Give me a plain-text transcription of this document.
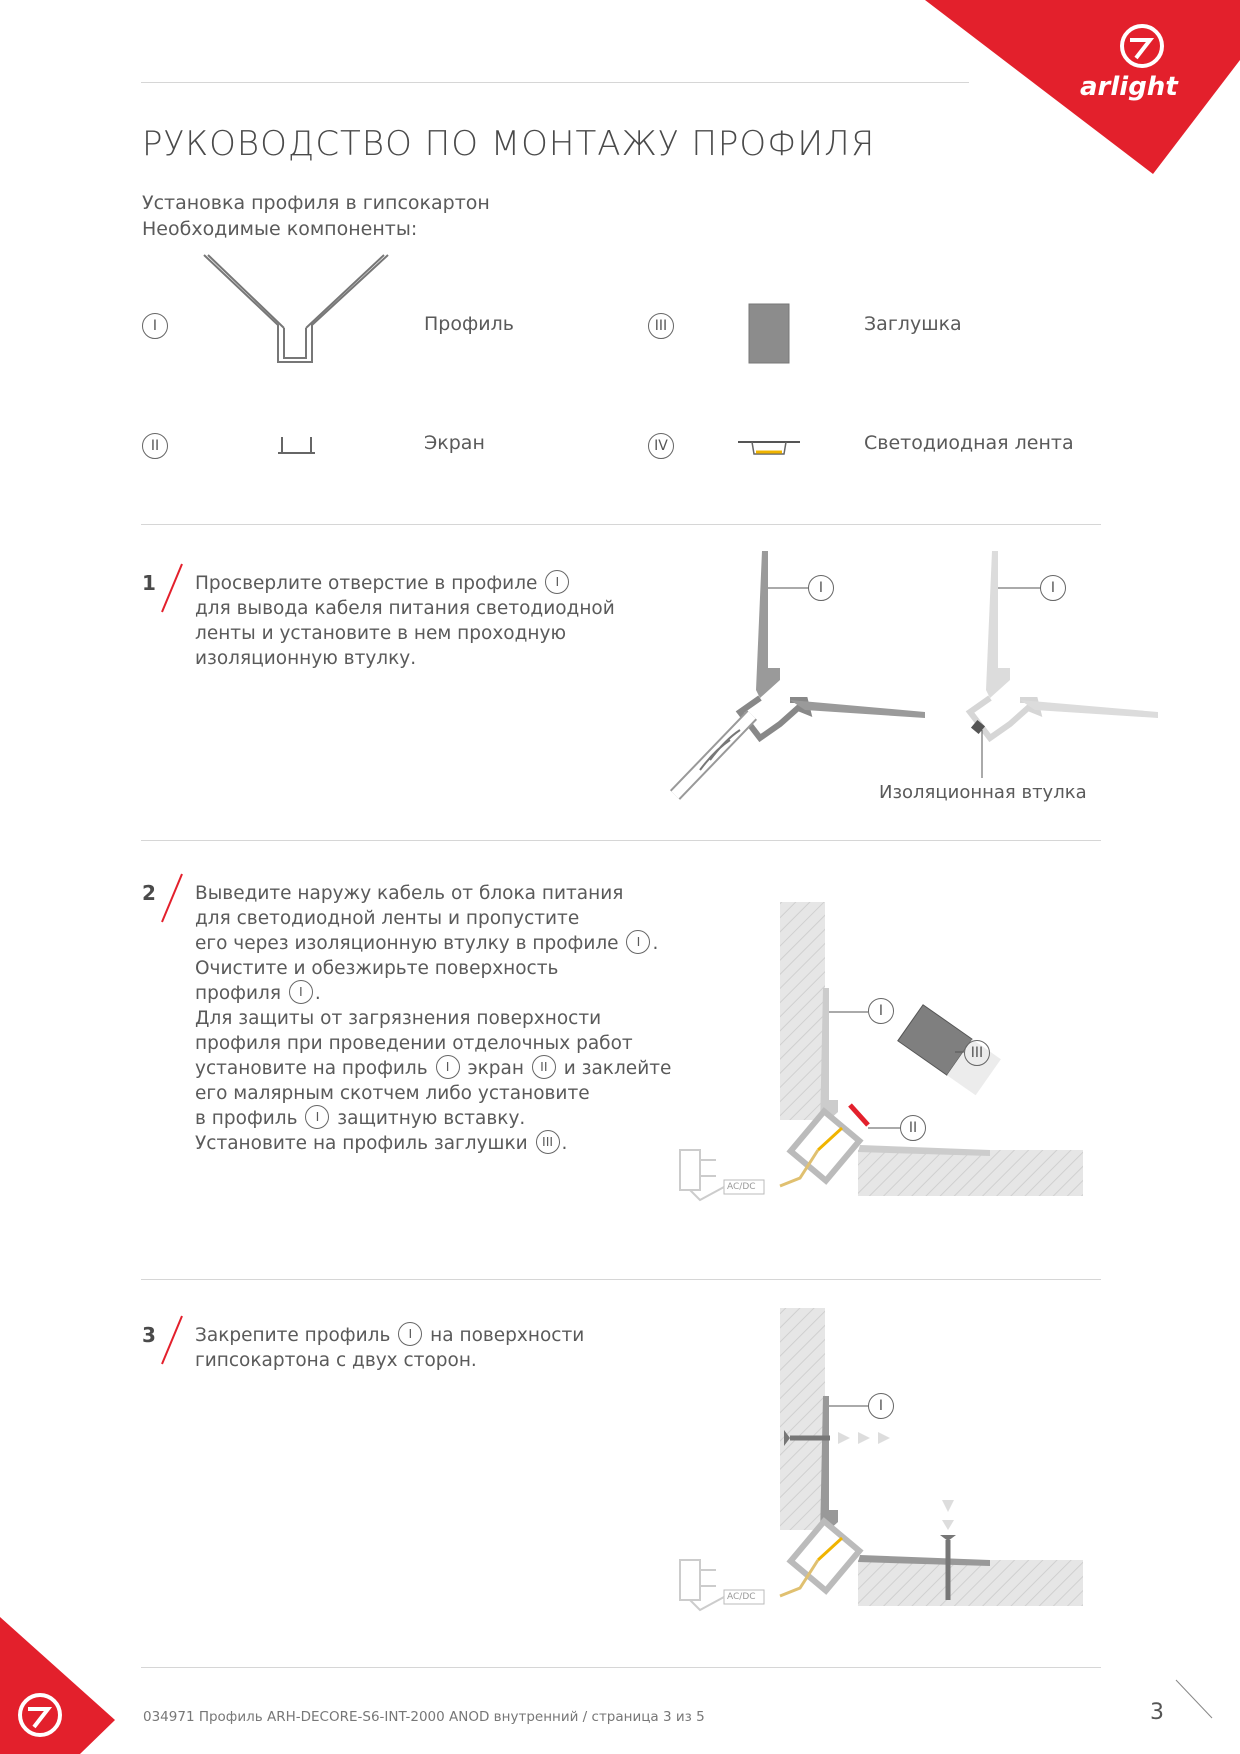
arlight
РУКОВОДСТВО ПО МОНТАЖУ ПРОФИЛЯ
Установка профиля в гипсокартон
Необходимые компоненты:
I
II
III
IV
Профиль
Экран
Заглушка
Светодиодная лента
1 Просверлите отверстие в профиле I
для вывода кабеля питания светодиодной
ленты и установите в нем проходную
изоляционную втулку.
2 Выведите наружу кабель от блока питания
для светодиодной ленты и пропустите
его через изоляционную втулку в профиле I .
Очистите и обезжирьте поверхность
профиля I .
Для защиты от загрязнения поверхности
профиля при проведении отделочных работ
установите на профиль I экран II и заклейте
его малярным скотчем либо установите
в профиль I защитную вставку.
Установите на профиль заглушки III .
3 Закрепите профиль I на поверхности
гипсокартона с двух сторон.
I	I
Изоляционная втулка
I
III
II
I
AC/DC
AC/DC
034971 Профиль ARH-DECORE-S6-INT-2000 ANOD внутренний / страница 3 из 5	3
